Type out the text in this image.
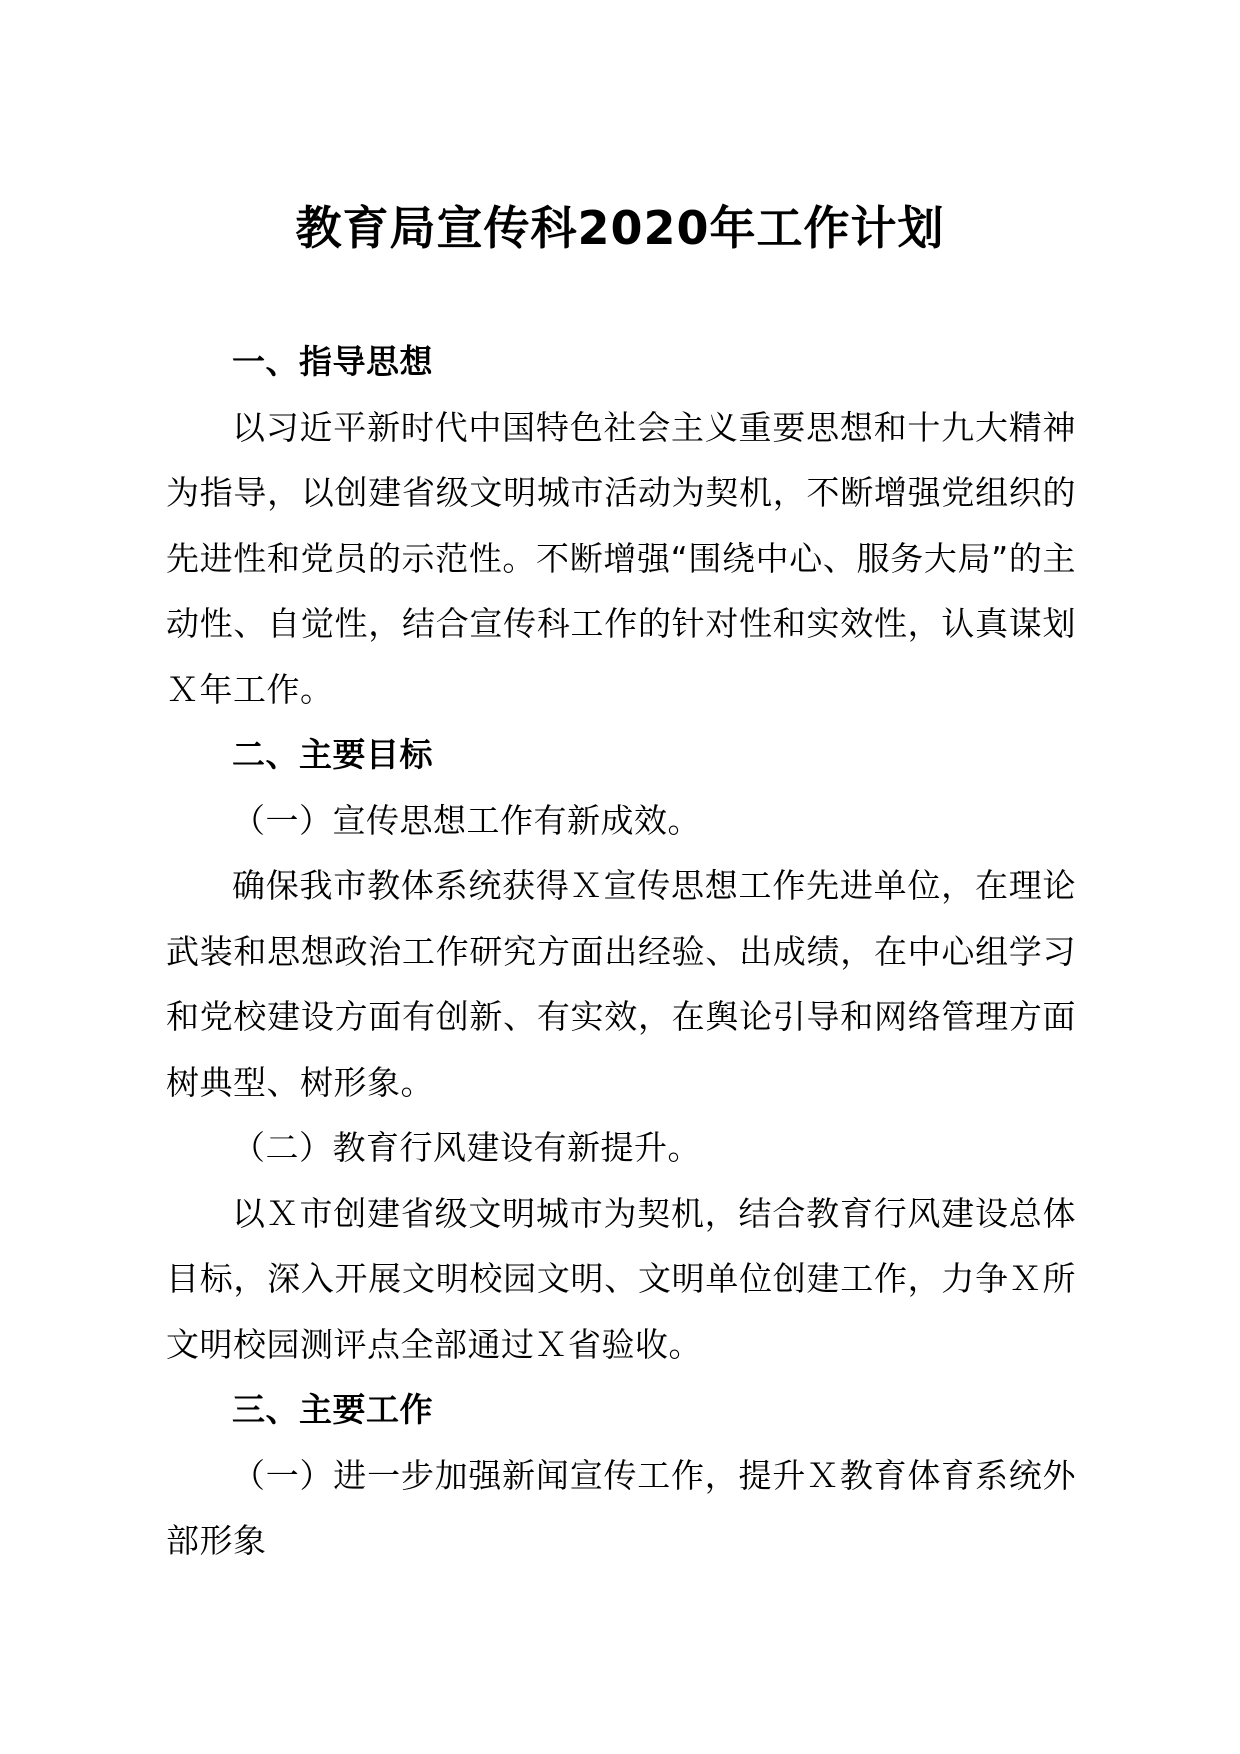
教育局宣传科2020年工作计划

一、指导思想

以习近平新时代中国特色社会主义重要思想和十九大精神为指导，以创建省级文明城市活动为契机，不断增强党组织的先进性和党员的示范性。不断增强“围绕中心、服务大局”的主动性、自觉性，结合宣传科工作的针对性和实效性，认真谋划Ｘ年工作。

二、主要目标

（一）宣传思想工作有新成效。

确保我市教体系统获得Ｘ宣传思想工作先进单位，在理论武装和思想政治工作研究方面出经验、出成绩，在中心组学习和党校建设方面有创新、有实效，在舆论引导和网络管理方面树典型、树形象。

（二）教育行风建设有新提升。

以Ｘ市创建省级文明城市为契机，结合教育行风建设总体目标，深入开展文明校园文明、文明单位创建工作，力争Ｘ所文明校园测评点全部通过Ｘ省验收。

三、主要工作

（一）进一步加强新闻宣传工作，提升Ｘ教育体育系统外部形象
